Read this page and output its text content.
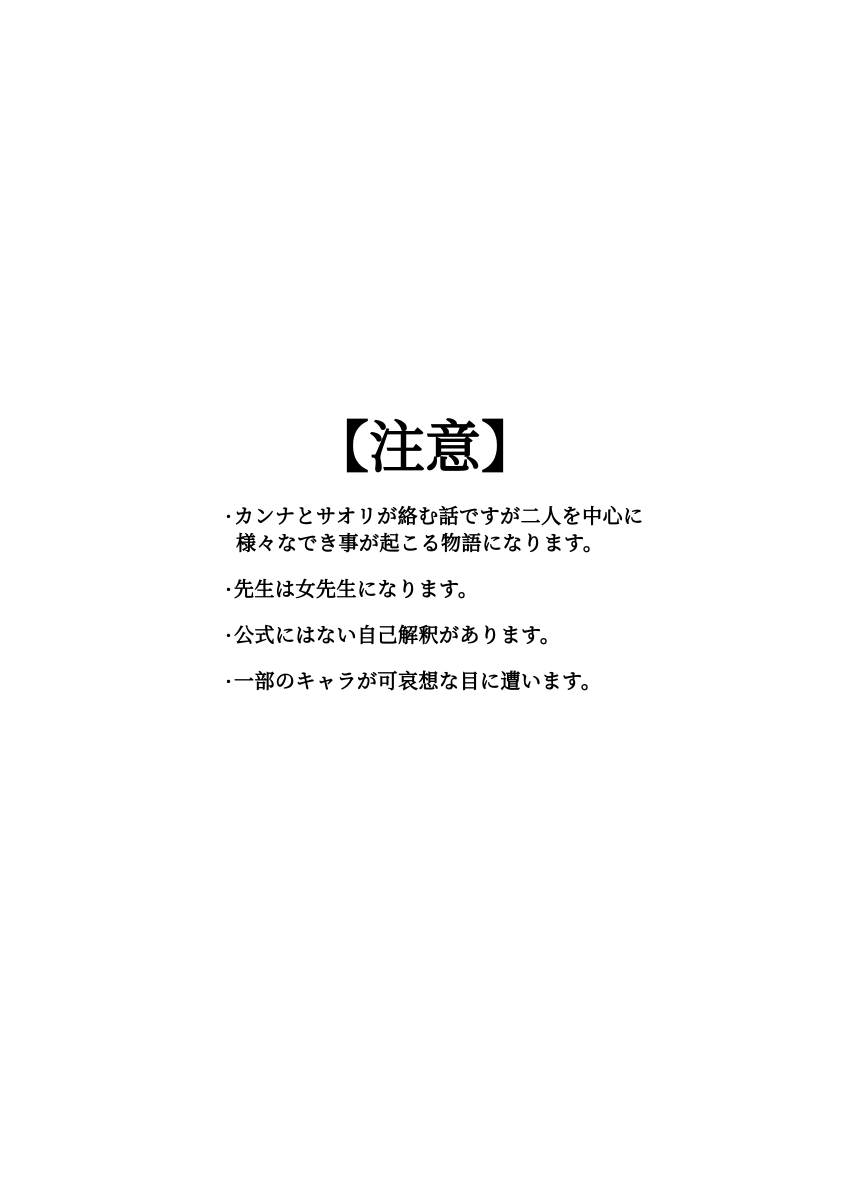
【注意】
・カンナとサオリが絡む話ですが二人を中心に
様々なでき事が起こる物語になります。
・先生は女先生になります。
・公式にはない自己解釈があります。
・一部のキャラが可哀想な目に遭います。
